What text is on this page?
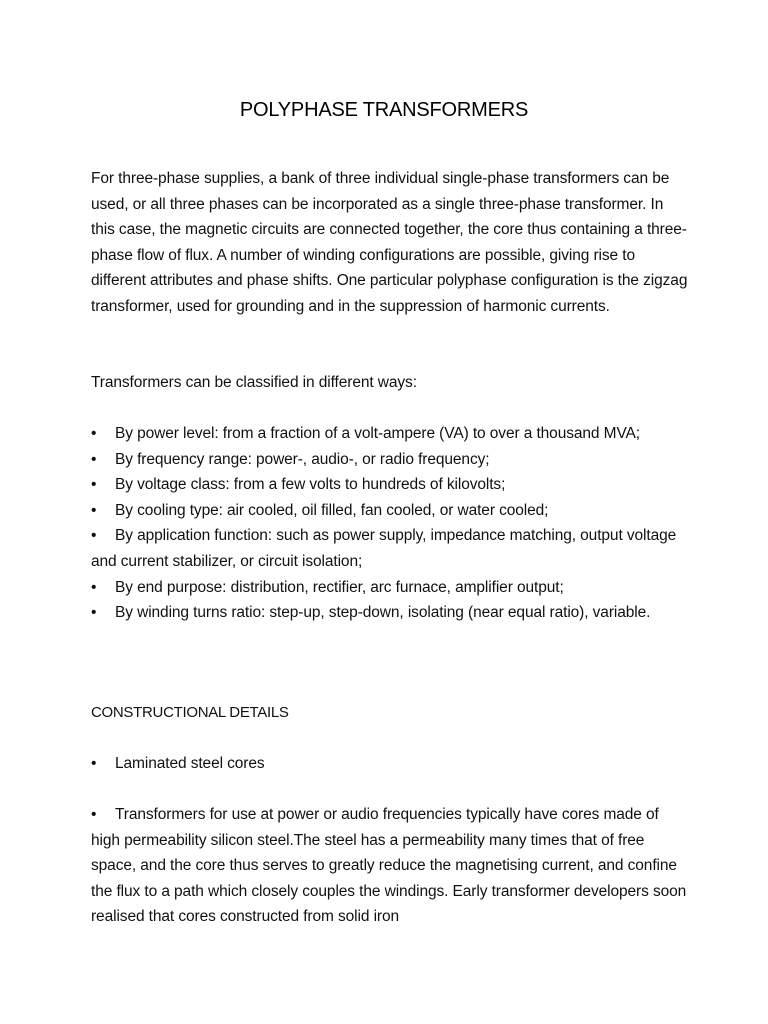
POLYPHASE TRANSFORMERS

For three-phase supplies, a bank of three individual single-phase transformers can be used, or all three phases can be incorporated as a single three-phase transformer. In this case, the magnetic circuits are connected together, the core thus containing a three-phase flow of flux. A number of winding configurations are possible, giving rise to different attributes and phase shifts. One particular polyphase configuration is the zigzag transformer, used for grounding and in the suppression of harmonic currents.

Transformers can be classified in different ways:

• By power level: from a fraction of a volt-ampere (VA) to over a thousand MVA;

• By frequency range: power-, audio-, or radio frequency;

• By voltage class: from a few volts to hundreds of kilovolts;

• By cooling type: air cooled, oil filled, fan cooled, or water cooled;

• By application function: such as power supply, impedance matching, output voltage and current stabilizer, or circuit isolation;

• By end purpose: distribution, rectifier, arc furnace, amplifier output;

• By winding turns ratio: step-up, step-down, isolating (near equal ratio), variable.

CONSTRUCTIONAL DETAILS

• Laminated steel cores

• Transformers for use at power or audio frequencies typically have cores made of high permeability silicon steel.The steel has a permeability many times that of free space, and the core thus serves to greatly reduce the magnetising current, and confine the flux to a path which closely couples the windings. Early transformer developers soon realised that cores constructed from solid iron
